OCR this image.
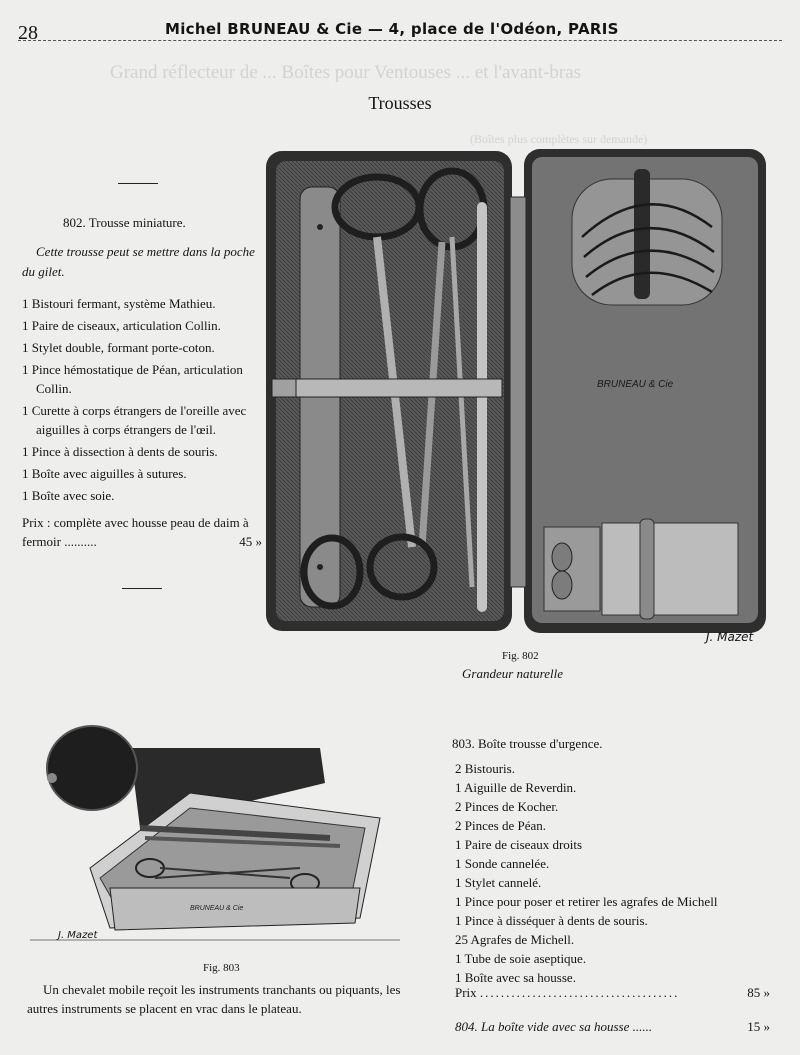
Grand réflecteur de ... Boîtes pour Ventouses ... et l'avant-bras
(Boîtes plus complètes sur demande)
28	Michel BRUNEAU & Cie — 4, place de l'Odéon, PARIS
Trousses
802. Trousse miniature.
Cette trousse peut se mettre dans la poche du gilet.
1 Bistouri fermant, système Mathieu.
1 Paire de ciseaux, articulation Collin.
1 Stylet double, formant porte-coton.
1 Pince hémostatique de Péan, articulation Collin.
1 Curette à corps étrangers de l'oreille avec aiguilles à corps étrangers de l'œil.
1 Pince à dissection à dents de souris.
1 Boîte avec aiguilles à sutures.
1 Boîte avec soie.
Prix : complète avec housse peau de daim à fermoir ..........	45 »
BRUNEAU & Cie
J. Mazet
Fig. 802
Grandeur naturelle
803. Boîte trousse d'urgence.
2 Bistouris.
1 Aiguille de Reverdin.
2 Pinces de Kocher.
2 Pinces de Péan.
1 Paire de ciseaux droits
1 Sonde cannelée.
1 Stylet cannelé.
1 Pince pour poser et retirer les agrafes de Michell
1 Pince à disséquer à dents de souris.
25 Agrafes de Michell.
1 Tube de soie aseptique.
1 Boîte avec sa housse.
Prix ......................................	85 »
804. La boîte vide avec sa housse ......	15 »
BRUNEAU & Cie
J. Mazet
Fig. 803
Un chevalet mobile reçoit les instruments tranchants ou piquants, les autres instruments se placent en vrac dans le plateau.
